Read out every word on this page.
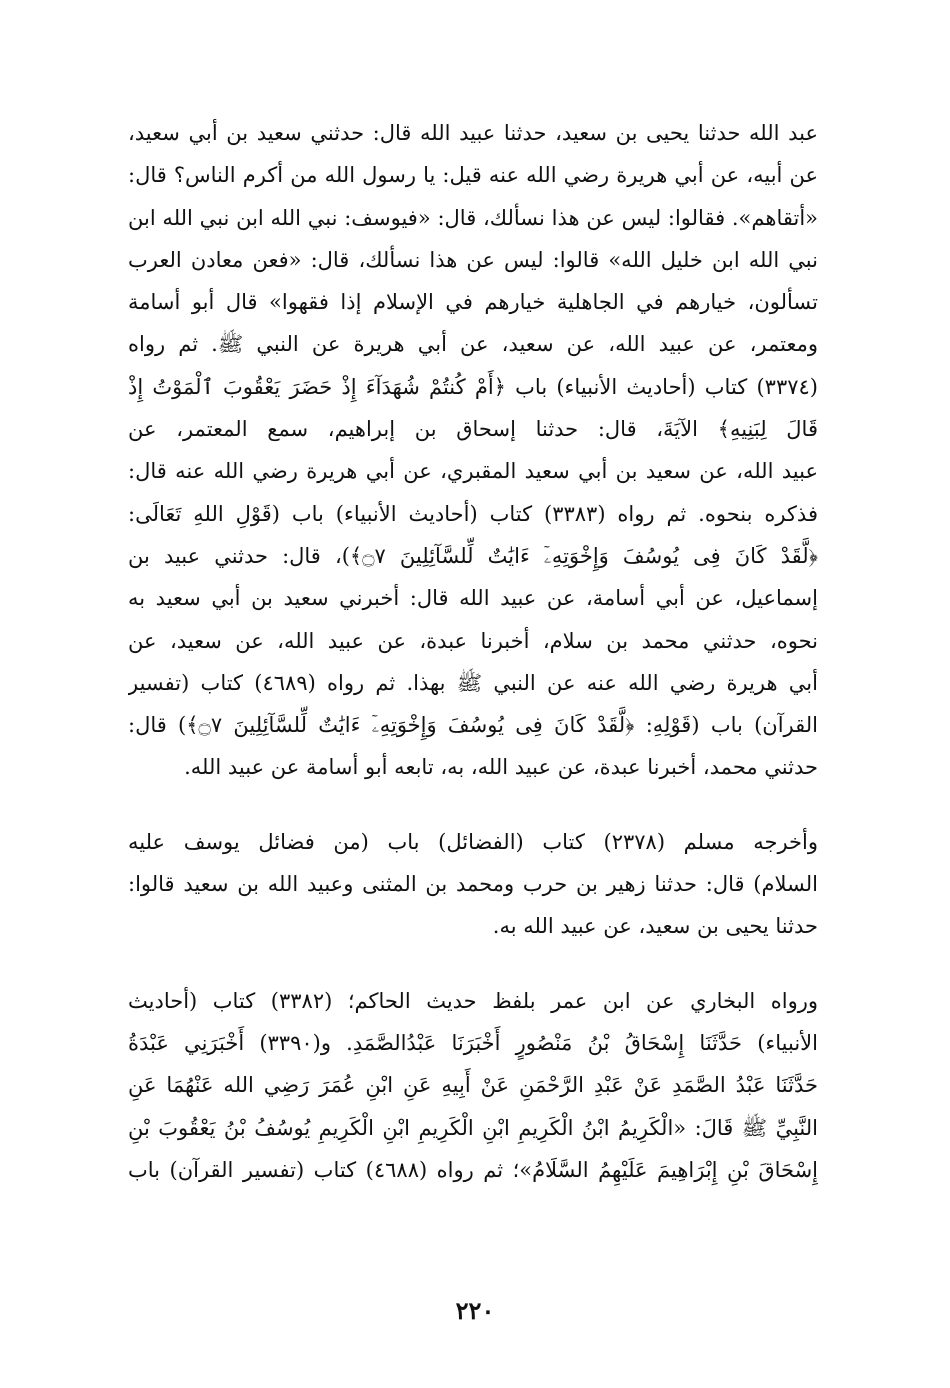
عبد الله حدثنا يحيى بن سعيد، حدثنا عبيد الله قال: حدثني سعيد بن أبي سعيد،
عن أبيه، عن أبي هريرة رضي الله عنه قيل: يا رسول الله من أكرم الناس؟ قال:
«أتقاهم». فقالوا: ليس عن هذا نسألك، قال: «فيوسف: نبي الله ابن نبي الله ابن
نبي الله ابن خليل الله» قالوا: ليس عن هذا نسألك، قال: «فعن معادن العرب
تسألون، خيارهم في الجاهلية خيارهم في الإسلام إذا فقهوا» قال أبو أسامة
ومعتمر، عن عبيد الله، عن سعيد، عن أبي هريرة عن النبي ﷺ. ثم رواه
(٣٣٧٤) كتاب (أحاديث الأنبياء) باب ﴿أَمْ كُنتُمْ شُهَدَآءَ إِذْ حَضَرَ يَعْقُوبَ ٱلْمَوْتُ إِذْ
قَالَ لِبَنِيهِ﴾ الآيَةَ، قال: حدثنا إسحاق بن إبراهيم، سمع المعتمر، عن
عبيد الله، عن سعيد بن أبي سعيد المقبري، عن أبي هريرة رضي الله عنه قال:
فذكره بنحوه. ثم رواه (٣٣٨٣) كتاب (أحاديث الأنبياء) باب (قَوْلِ اللهِ تَعَالَى:
﴿لَّقَدْ كَانَ فِى يُوسُفَ وَإِخْوَتِهِۦٓ ءَايَٰتٌ لِّلسَّآئِلِينَ ۝٧﴾)، قال: حدثني عبيد بن
إسماعيل، عن أبي أسامة، عن عبيد الله قال: أخبرني سعيد بن أبي سعيد به
نحوه، حدثني محمد بن سلام، أخبرنا عبدة، عن عبيد الله، عن سعيد، عن
أبي هريرة رضي الله عنه عن النبي ﷺ بهذا. ثم رواه (٤٦٨٩) كتاب (تفسير
القرآن) باب (قَوْلِهِ: ﴿لَّقَدْ كَانَ فِى يُوسُفَ وَإِخْوَتِهِۦٓ ءَايَٰتٌ لِّلسَّآئِلِينَ ۝٧﴾) قال:
حدثني محمد، أخبرنا عبدة، عن عبيد الله، به، تابعه أبو أسامة عن عبيد الله.

وأخرجه مسلم (٢٣٧٨) كتاب (الفضائل) باب (من فضائل يوسف عليه
السلام) قال: حدثنا زهير بن حرب ومحمد بن المثنى وعبيد الله بن سعيد قالوا:
حدثنا يحيى بن سعيد، عن عبيد الله به.

ورواه البخاري عن ابن عمر بلفظ حديث الحاكم؛ (٣٣٨٢) كتاب (أحاديث
الأنبياء) حَدَّثَنَا إِسْحَاقُ بْنُ مَنْصُورٍ أَخْبَرَنَا عَبْدُالصَّمَدِ. و(٣٣٩٠) أَخْبَرَنِي عَبْدَةُ
حَدَّثَنَا عَبْدُ الصَّمَدِ عَنْ عَبْدِ الرَّحْمَنِ عَنْ أَبِيهِ عَنِ ابْنِ عُمَرَ رَضِي الله عَنْهُمَا عَنِ
النَّبِيِّ ﷺ قَالَ: «الْكَرِيمُ ابْنُ الْكَرِيمِ ابْنِ الْكَرِيمِ ابْنِ الْكَرِيمِ يُوسُفُ بْنُ يَعْقُوبَ بْنِ
إِسْحَاقَ بْنِ إِبْرَاهِيمَ عَلَيْهِمُ السَّلَامُ»؛ ثم رواه (٤٦٨٨) كتاب (تفسير القرآن) باب

٢٢٠
